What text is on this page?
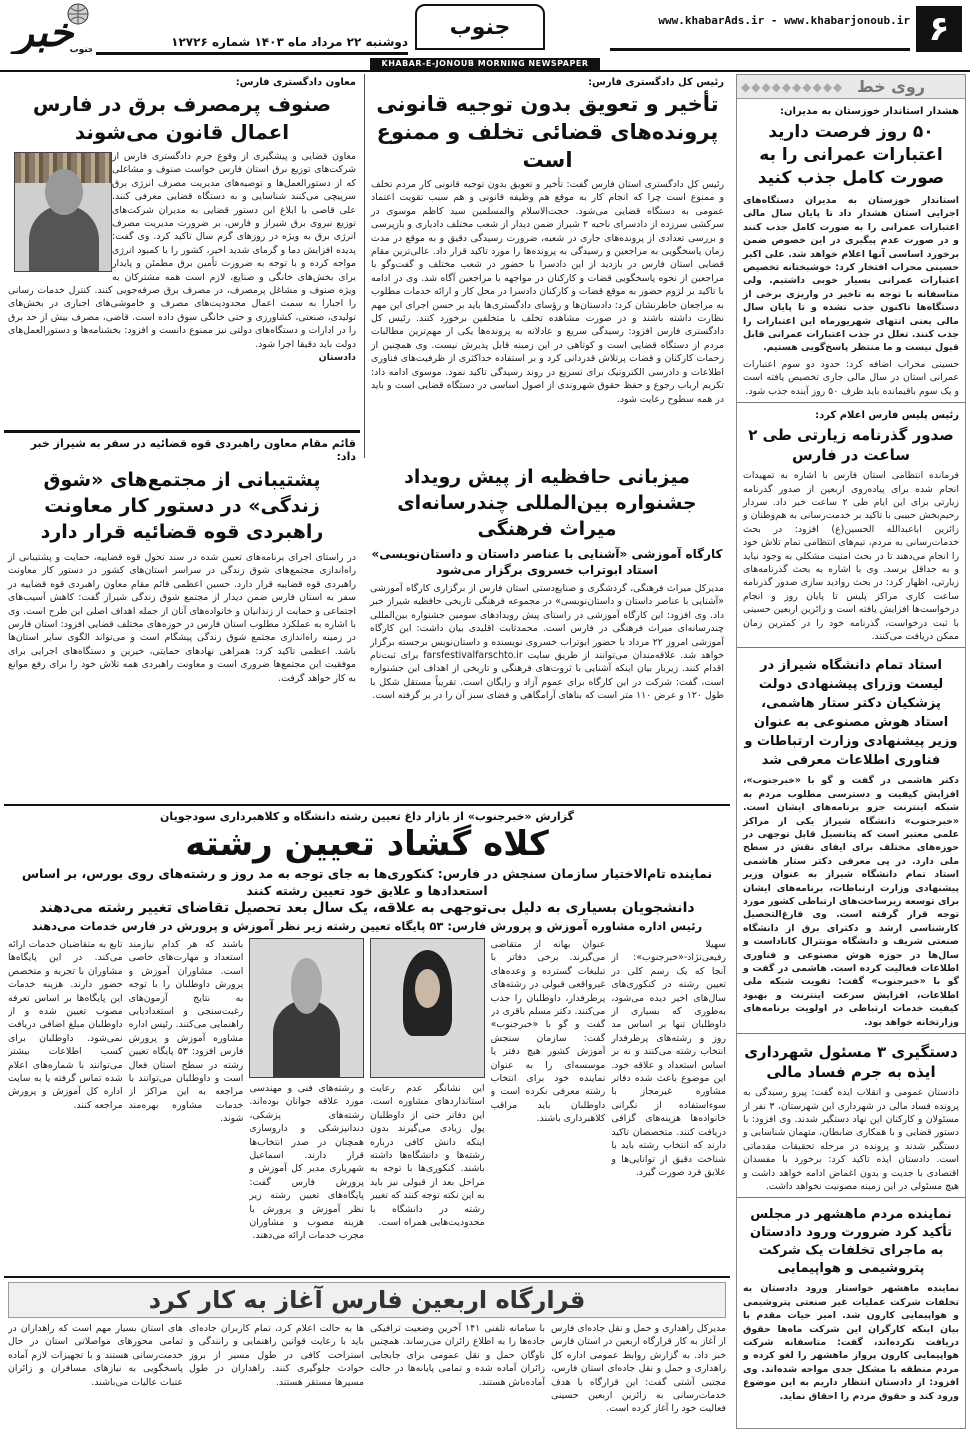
۶
www.khabarAds.ir - www.khabarjonoub.ir
جنوب
دوشنبه ۲۲ مرداد ماه ۱۴۰۳ شماره ۱۲۷۲۶
خبر
جنوب
KHABAR-E-JONOUB MORNING NEWSPAPER
روی خط
◆◆◆◆◆◆◆◆◆◆
هشدار استاندار خوزستان به مدیران:
۵۰ روز فرصت دارید اعتبارات عمرانی را به صورت کامل جذب کنید

استاندار خوزستان به مدیران دستگاه‌های اجرایی استان هشدار داد تا پایان سال مالی اعتبارات عمرانی را به صورت کامل جذب کنند و در صورت عدم پیگیری در این خصوص ضمن برخورد اساسی آنها اعلام خواهد شد. علی اکبر حسینی محراب افتخار کرد: خوشبختانه تخصیص اعتبارات عمرانی بسیار خوبی داشتیم. ولی متاسفانه با توجه به تاخیر در واریزی برخی از دستگاه‌ها تاکنون جذب نشده و تا پایان سال مالی یعنی انتهای شهریورماه این اعتبارات را جذب کنند. تعلل در جذب اعتبارات عمرانی قابل قبول نیست و ما منتظر پاسخ‌گویی هستیم.

حسینی محراب اضافه کرد: حدود دو سوم اعتبارات عمرانی استان در سال مالی جاری تخصیص یافته است و یک سوم باقیمانده باید ظرف ۵۰ روز آینده جذب شود.

رئیس پلیس فارس اعلام کرد:
صدور گذرنامه زیارتی طی ۲ ساعت در فارس

فرمانده انتظامی استان فارس با اشاره به تمهیدات انجام شده برای پیاده‌روی اربعین از صدور گذرنامه زیارتی برای این ایام طی ۲ ساعت خبر داد. سردار رحیم‌بخش حبیبی با تاکید بر خدمت‌رسانی به هم‌وطنان و زائرین اباعبدالله الحسین(ع) افزود: در بحث خدمات‌رسانی به مردم، تیم‌های انتظامی تمام تلاش خود را انجام می‌دهند تا در بحث امنیت مشکلی به وجود نیاید و به حداقل برسد. وی با اشاره به بحث گذرنامه‌های زیارتی، اظهار کرد: در بحث روادید سازی صدور گذرنامه ساعت کاری مراکز پلیس تا پایان روز و انجام درخواست‌ها افزایش یافته است و زائرین اربعین حسینی با ثبت درخواست، گذرنامه خود را در کمترین زمان ممکن دریافت می‌کنند.

استاد تمام دانشگاه شیراز در لیست وزرای پیشنهادی دولت پزشکیان دکتر ستار هاشمی، استاد هوش مصنوعی به عنوان وزیر پیشنهادی وزارت ارتباطات و فناوری اطلاعات معرفی شد

دکتر هاشمی در گفت و گو با «خبرجنوب»، افزایش کیفیت و دسترسی مطلوب مردم به شبکه اینترنت جزو برنامه‌های ایشان است. «خبرجنوب» دانشگاه شیراز یکی از مراکز علمی معتبر است که پتانسیل قابل توجهی در حوزه‌های مختلف برای ایفای نقش در سطح ملی دارد. در پی معرفی دکتر ستار هاشمی استاد تمام دانشگاه شیراز به عنوان وزیر پیشنهادی وزارت ارتباطات، برنامه‌های ایشان برای توسعه زیرساخت‌های ارتباطی کشور مورد توجه قرار گرفته است. وی فارغ‌التحصیل کارشناسی ارشد و دکترای برق از دانشگاه صنعتی شریف و دانشگاه مونترال کاناداست و سال‌ها در حوزه هوش مصنوعی و فناوری اطلاعات فعالیت کرده است. هاشمی در گفت و گو با «خبرجنوب» گفت: تقویت شبکه ملی اطلاعات، افزایش سرعت اینترنت و بهبود کیفیت خدمات ارتباطی در اولویت برنامه‌های وزارتخانه خواهد بود.

دستگیری ۳ مسئول شهرداری ایذه به جرم فساد مالی

دادستان عمومی و انقلاب ایذه گفت: پیرو رسیدگی به پرونده فساد مالی در شهرداری این شهرستان، ۳ نفر از مسئولان و کارکنان این نهاد دستگیر شدند. وی افزود: با دستور قضایی و با همکاری ضابطان، متهمان شناسایی و دستگیر شدند و پرونده در مرحله تحقیقات مقدماتی است. دادستان ایذه تاکید کرد: برخورد با مفسدان اقتصادی با جدیت و بدون اغماض ادامه خواهد داشت و هیچ مسئولی در این زمینه مصونیت نخواهد داشت.

نماینده مردم ماهشهر در مجلس تأکید کرد ضرورت ورود دادستان به ماجرای تخلفات یک شرکت پتروشیمی و هواپیمایی

نماینده ماهشهر خواستار ورود دادستان به تخلفات شرکت عملیات غیر صنعتی پتروشیمی و هواپیمایی کارون شد. امیر حیات مقدم با بیان اینکه کارگران این شرکت ماه‌ها حقوق دریافت نکرده‌اند، گفت: متاسفانه شرکت هواپیمایی کارون پرواز ماهشهر را لغو کرده و مردم منطقه با مشکل جدی مواجه شده‌اند. وی افزود: از دادستان انتظار داریم به این موضوع ورود کند و حقوق مردم را احقاق نماید.

رئیس کل دادگستری فارس:
تأخیر و تعویق بدون توجیه قانونی پرونده‌های قضائی تخلف و ممنوع است

رئیس کل دادگستری استان فارس گفت: تأخیر و تعویق بدون توجیه قانونی کار مردم تخلف و ممنوع است چرا که انجام کار به موقع هم وظیفه قانونی و هم سبب تقویت اعتماد عمومی به دستگاه قضایی می‌شود. حجت‌الاسلام والمسلمین سید کاظم موسوی در سرکشی سرزده از دادسرای ناحیه ۲ شیراز ضمن دیدار از شعب مختلف دادیاری و بازپرسی و بررسی تعدادی از پرونده‌های جاری در شعبه، ضرورت رسیدگی دقیق و به موقع در مدت زمان پاسخگویی به مراجعین و رسیدگی به پرونده‌ها را مورد تاکید قرار داد. عالی‌ترین مقام قضایی استان فارس در بازدید از این دادسرا با حضور در شعب مختلف و گفت‌وگو با مراجعین از نحوه پاسخگویی قضات و کارکنان در مواجهه با مراجعین آگاه شد. وی در ادامه با تاکید بر لزوم حضور به موقع قضات و کارکنان دادسرا در محل کار و ارائه خدمات مطلوب به مراجعان خاطرنشان کرد: دادستان‌ها و رؤسای دادگستری‌ها باید بر حسن اجرای این مهم نظارت داشته باشند و در صورت مشاهده تخلف با متخلفین برخورد کنند. رئیس کل دادگستری فارس افزود: رسیدگی سریع و عادلانه به پرونده‌ها یکی از مهم‌ترین مطالبات مردم از دستگاه قضایی است و کوتاهی در این زمینه قابل پذیرش نیست. وی همچنین از زحمات کارکنان و قضات پرتلاش قدردانی کرد و بر استفاده حداکثری از ظرفیت‌های فناوری اطلاعات و دادرسی الکترونیک برای تسریع در روند رسیدگی تاکید نمود. موسوی ادامه داد: تکریم ارباب رجوع و حفظ حقوق شهروندی از اصول اساسی در دستگاه قضایی است و باید در همه سطوح رعایت شود.

معاون دادگستری فارس:
صنوف پرمصرف برق در فارس اعمال قانون می‌شوند

معاون قضایی و پیشگیری از وقوع جرم دادگستری فارس از شرکت‌های توزیع برق استان فارس خواست صنوف و مشاغلی که از دستورالعمل‌ها و توصیه‌های مدیریت مصرف انرژی برق سرپیچی می‌کنند شناسایی و به دستگاه قضایی معرفی کنند. علی قاصی با ابلاغ این دستور قضایی به مدیران شرکت‌های توزیع نیروی برق شیراز و فارس، بر ضرورت مدیریت مصرف انرژی برق به ویژه در روزهای گرم سال تاکید کرد. وی گفت: پدیده افزایش دما و گرمای شدید اخیر، کشور را با کمبود انرژی مواجه کرده و با توجه به ضرورت تأمین برق مطمئن و پایدار برای بخش‌های خانگی و صنایع، لازم است همه مشترکان به ویژه صنوف و مشاغل پرمصرف، در مصرف برق صرفه‌جویی کنند. کنترل خدمات رسانی را اجبارا به سمت اعمال محدودیت‌های مصرف و خاموشی‌های اجباری در بخش‌های تولیدی، صنعتی، کشاورزی و حتی خانگی سوق داده است. قاضی، مصرف بیش از حد برق را در ادارات و دستگاه‌های دولتی نیز ممنوع دانست و افزود: بخشنامه‌ها و دستورالعمل‌های دولت باید دقیقا اجرا شود.

دادستان
قائم مقام معاون راهبردی قوه قضائیه در سفر به شیراز خبر داد:
پشتیبانی از مجتمع‌های «شوق زندگی» در دستور کار معاونت راهبردی قوه قضائیه قرار دارد

در راستای اجرای برنامه‌های تعیین شده در سند تحول قوه قضاییه، حمایت و پشتیبانی از راه‌اندازی مجتمع‌های شوق زندگی در سراسر استان‌های کشور در دستور کار معاونت راهبردی قوه قضاییه قرار دارد. حسین اعظمی قائم مقام معاون راهبردی قوه قضاییه در سفر به استان فارس ضمن دیدار از مجتمع شوق زندگی شیراز گفت: کاهش آسیب‌های اجتماعی و حمایت از زندانیان و خانواده‌های آنان از جمله اهداف اصلی این طرح است. وی با اشاره به عملکرد مطلوب استان فارس در حوزه‌های مختلف قضایی افزود: استان فارس در زمینه راه‌اندازی مجتمع شوق زندگی پیشگام است و می‌تواند الگوی سایر استان‌ها باشد. اعظمی تاکید کرد: همراهی نهادهای حمایتی، خیرین و دستگاه‌های اجرایی برای موفقیت این مجتمع‌ها ضروری است و معاونت راهبردی همه تلاش خود را برای رفع موانع به کار خواهد گرفت.

میزبانی حافظیه از پیش رویداد جشنواره بین‌المللی چندرسانه‌ای میراث فرهنگی
کارگاه آموزشی «آشنایی با عناصر داستان و داستان‌نویسی» استاد ابوتراب خسروی برگزار می‌شود

مدیرکل میراث فرهنگی، گردشگری و صنایع‌دستی استان فارس از برگزاری کارگاه آموزشی «آشنایی با عناصر داستان و داستان‌نویسی» در مجموعه فرهنگی تاریخی حافظیه شیراز خبر داد. وی افزود: این کارگاه آموزشی در راستای پیش رویدادهای سومین جشنواره بین‌المللی چندرسانه‌ای میراث فرهنگی در فارس است. محمدثابت اقلیدی بیان داشت: این کارگاه آموزشی امروز ۲۲ مرداد با حضور ابوتراب خسروی نویسنده و داستان‌نویس برجسته برگزار خواهد شد. علاقه‌مندان می‌توانند از طریق سایت farsfestivalfarschto.ir برای ثبت‌نام اقدام کنند. زیربار بیان اینکه آشنایی با ثروت‌های فرهنگی و تاریخی از اهداف این جشنواره است، گفت: شرکت در این کارگاه برای عموم آزاد و رایگان است. تقریباً مستقل شکل با طول ۱۲۰ و عرض ۱۱۰ متر است که بناهای آرامگاهی و فضای سبز آن را در بر گرفته است.

گزارش «خبرجنوب» از بازار داغ تعیین رشته دانشگاه و کلاهبرداری سودجویان
کلاه گشاد تعیین رشته
نماینده تام‌الاختیار سازمان سنجش در فارس: کنکوری‌ها به جای توجه به مد روز و رشته‌های روی بورس، بر اساس استعدادها و علایق خود تعیین رشته کنند
دانشجویان بسیاری به دلیل بی‌توجهی به علاقه، یک سال بعد تحصیل تقاضای تغییر رشته می‌دهند
رئیس اداره مشاوره آموزش و پرورش فارس: ۵۳ پایگاه تعیین رشته زیر نظر آموزش و پرورش در فارس خدمات می‌دهند

سهیلا رفیعی‌نژاد-«خبرجنوب»: از آنجا که یک رسم کلی در تعیین رشته در کنکوری‌های سال‌های اخیر دیده می‌شود، به‌طوری که بسیاری از داوطلبان تنها بر اساس مد روز و رشته‌های پرطرفدار انتخاب رشته می‌کنند و نه بر اساس استعداد و علاقه خود. این موضوع باعث شده دفاتر مشاوره غیرمجاز با سوءاستفاده از نگرانی خانواده‌ها هزینه‌های گزافی دریافت کنند. متخصصان تاکید دارند که انتخاب رشته باید با شناخت دقیق از توانایی‌ها و علایق فرد صورت گیرد.

عنوان بهانه از متقاضی می‌گیرند. برخی دفاتر با تبلیغات گسترده و وعده‌های غیرواقعی قبولی در رشته‌های پرطرفدار، داوطلبان را جذب می‌کنند. دکتر مسلم باقری در گفت و گو با «خبرجنوب» گفت: سازمان سنجش آموزش کشور هیچ دفتر یا موسسه‌ای را به عنوان نماینده خود برای انتخاب رشته معرفی نکرده است و داوطلبان باید مراقب کلاهبرداری باشند.

این نشانگر عدم رعایت استانداردهای مشاوره است. این دفاتر حتی از داوطلبان پول زیادی می‌گیرند بدون اینکه دانش کافی درباره رشته‌ها و دانشگاه‌ها داشته باشند. کنکوری‌ها با توجه به مراحل بعد از قبولی نیز باید به این نکته توجه کنند که تغییر رشته در دانشگاه با محدودیت‌هایی همراه است.

و رشته‌های فنی و مهندسی مورد علاقه جوانان بوده‌اند. رشته‌های پزشکی، دندانپزشکی و داروسازی همچنان در صدر انتخاب‌ها قرار دارند. اسماعیل شهریاری مدیر کل آموزش و پرورش فارس گفت: پایگاه‌های تعیین رشته زیر نظر آموزش و پرورش با هزینه مصوب و مشاوران مجرب خدمات ارائه می‌دهند.

باشند که هر کدام نیازمند استعداد و مهارت‌های خاصی است. مشاوران آموزش و پرورش داوطلبان را با توجه به نتایج آزمون‌های رغبت‌سنجی و استعدادیابی راهنمایی می‌کنند. رئیس اداره مشاوره آموزش و پرورش فارس افزود: ۵۳ پایگاه تعیین رشته در سطح استان فعال است و داوطلبان می‌توانند با مراجعه به این مراکز از خدمات مشاوره بهره‌مند شوند.

تابع به متقاضیان خدمات ارائه می‌کند. در این پایگاه‌ها مشاوران با تجربه و متخصص حضور دارند. هزینه خدمات این پایگاه‌ها بر اساس تعرفه مصوب تعیین شده و از داوطلبان مبلغ اضافی دریافت نمی‌شود. داوطلبان برای کسب اطلاعات بیشتر می‌توانند با شماره‌های اعلام شده تماس گرفته یا به سایت اداره کل آموزش و پرورش مراجعه کنند.

قرارگاه اربعین فارس آغاز به کار کرد

مدیرکل راهداری و حمل و نقل جاده‌ای فارس از آغاز به کار قرارگاه اربعین در استان فارس خبر داد. به گزارش روابط عمومی اداره کل راهداری و حمل و نقل جاده‌ای استان فارس، مجتبی آشتی گفت: این قرارگاه با هدف خدمات‌رسانی به زائرین اربعین حسینی فعالیت خود را آغاز کرده است.

با سامانه تلفنی ۱۴۱ آخرین وضعیت ترافیکی جاده‌ها را به اطلاع زائران می‌رساند. همچنین ناوگان حمل و نقل عمومی برای جابجایی زائران آماده شده و تمامی پایانه‌ها در حالت آماده‌باش هستند.

ها به حالت اعلام کرد، تمام کاربران جاده‌ای باید با رعایت قوانین راهنمایی و رانندگی و استراحت کافی در طول مسیر از بروز حوادث جلوگیری کنند. راهداران در طول مسیرها مستقر هستند.

های استان بسیار مهم است که راهداران در تمامی محورهای مواصلاتی استان در حال خدمت‌رسانی هستند و با تجهیزات لازم آماده پاسخگویی به نیازهای مسافران و زائران عتبات عالیات می‌باشند.
